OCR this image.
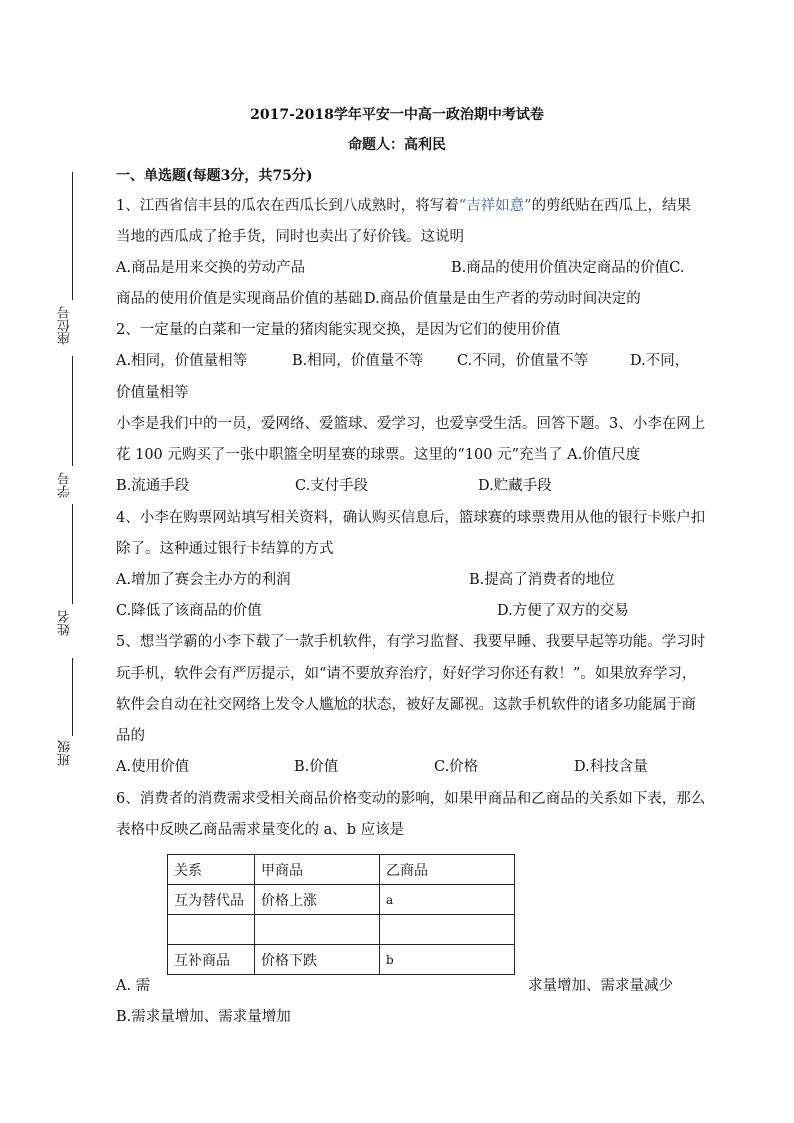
座位号
学号
姓名
班级
2017-2018学年平安一中高一政治期中考试卷
命题人：高利民
一、单选题(每题3分，共75分)
1、江西省信丰县的瓜农在西瓜长到八成熟时，将写着“吉祥如意”的剪纸贴在西瓜上，结果
当地的西瓜成了抢手货，同时也卖出了好价钱。这说明
A.商品是用来交换的劳动产品	B.商品的使用价值决定商品的价值C.
商品的使用价值是实现商品价值的基础 D.商品价值量是由生产者的劳动时间决定的
2、一定量的白菜和一定量的猪肉能实现交换，是因为它们的使用价值
A.相同，价值量相等	B.相同，价值量不等 C.不同，价值量不等	D.不同，
价值量相等
小李是我们中的一员，爱网络、爱篮球、爱学习，也爱享受生活。回答下题。3、小李在网上
花 100 元购买了一张中职篮全明星赛的球票。这里的“100 元”充当了 A.价值尺度
B.流通手段	C.支付手段	D.贮藏手段
4、小李在购票网站填写相关资料，确认购买信息后，篮球赛的球票费用从他的银行卡账户扣
除了。这种通过银行卡结算的方式
A.增加了赛会主办方的利润	B.提高了消费者的地位
C.降低了该商品的价值	D.方便了双方的交易
5、想当学霸的小李下载了一款手机软件，有学习监督、我要早睡、我要早起等功能。学习时
玩手机，软件会有严厉提示，如“请不要放弃治疗，好好学习你还有救！”。如果放弃学习，
软件会自动在社交网络上发令人尴尬的状态，被好友鄙视。这款手机软件的诸多功能属于商
品的
A.使用价值	B.价值	C.价格	D.科技含量
6、消费者的消费需求受相关商品价格变动的影响，如果甲商品和乙商品的关系如下表，那么
表格中反映乙商品需求量变化的 a、b 应该是
关系	甲商品	乙商品
互为替代品	价格上涨	a

互补商品	价格下跌	b
A. 需	求量增加、需求量减少
B.需求量增加、需求量增加
